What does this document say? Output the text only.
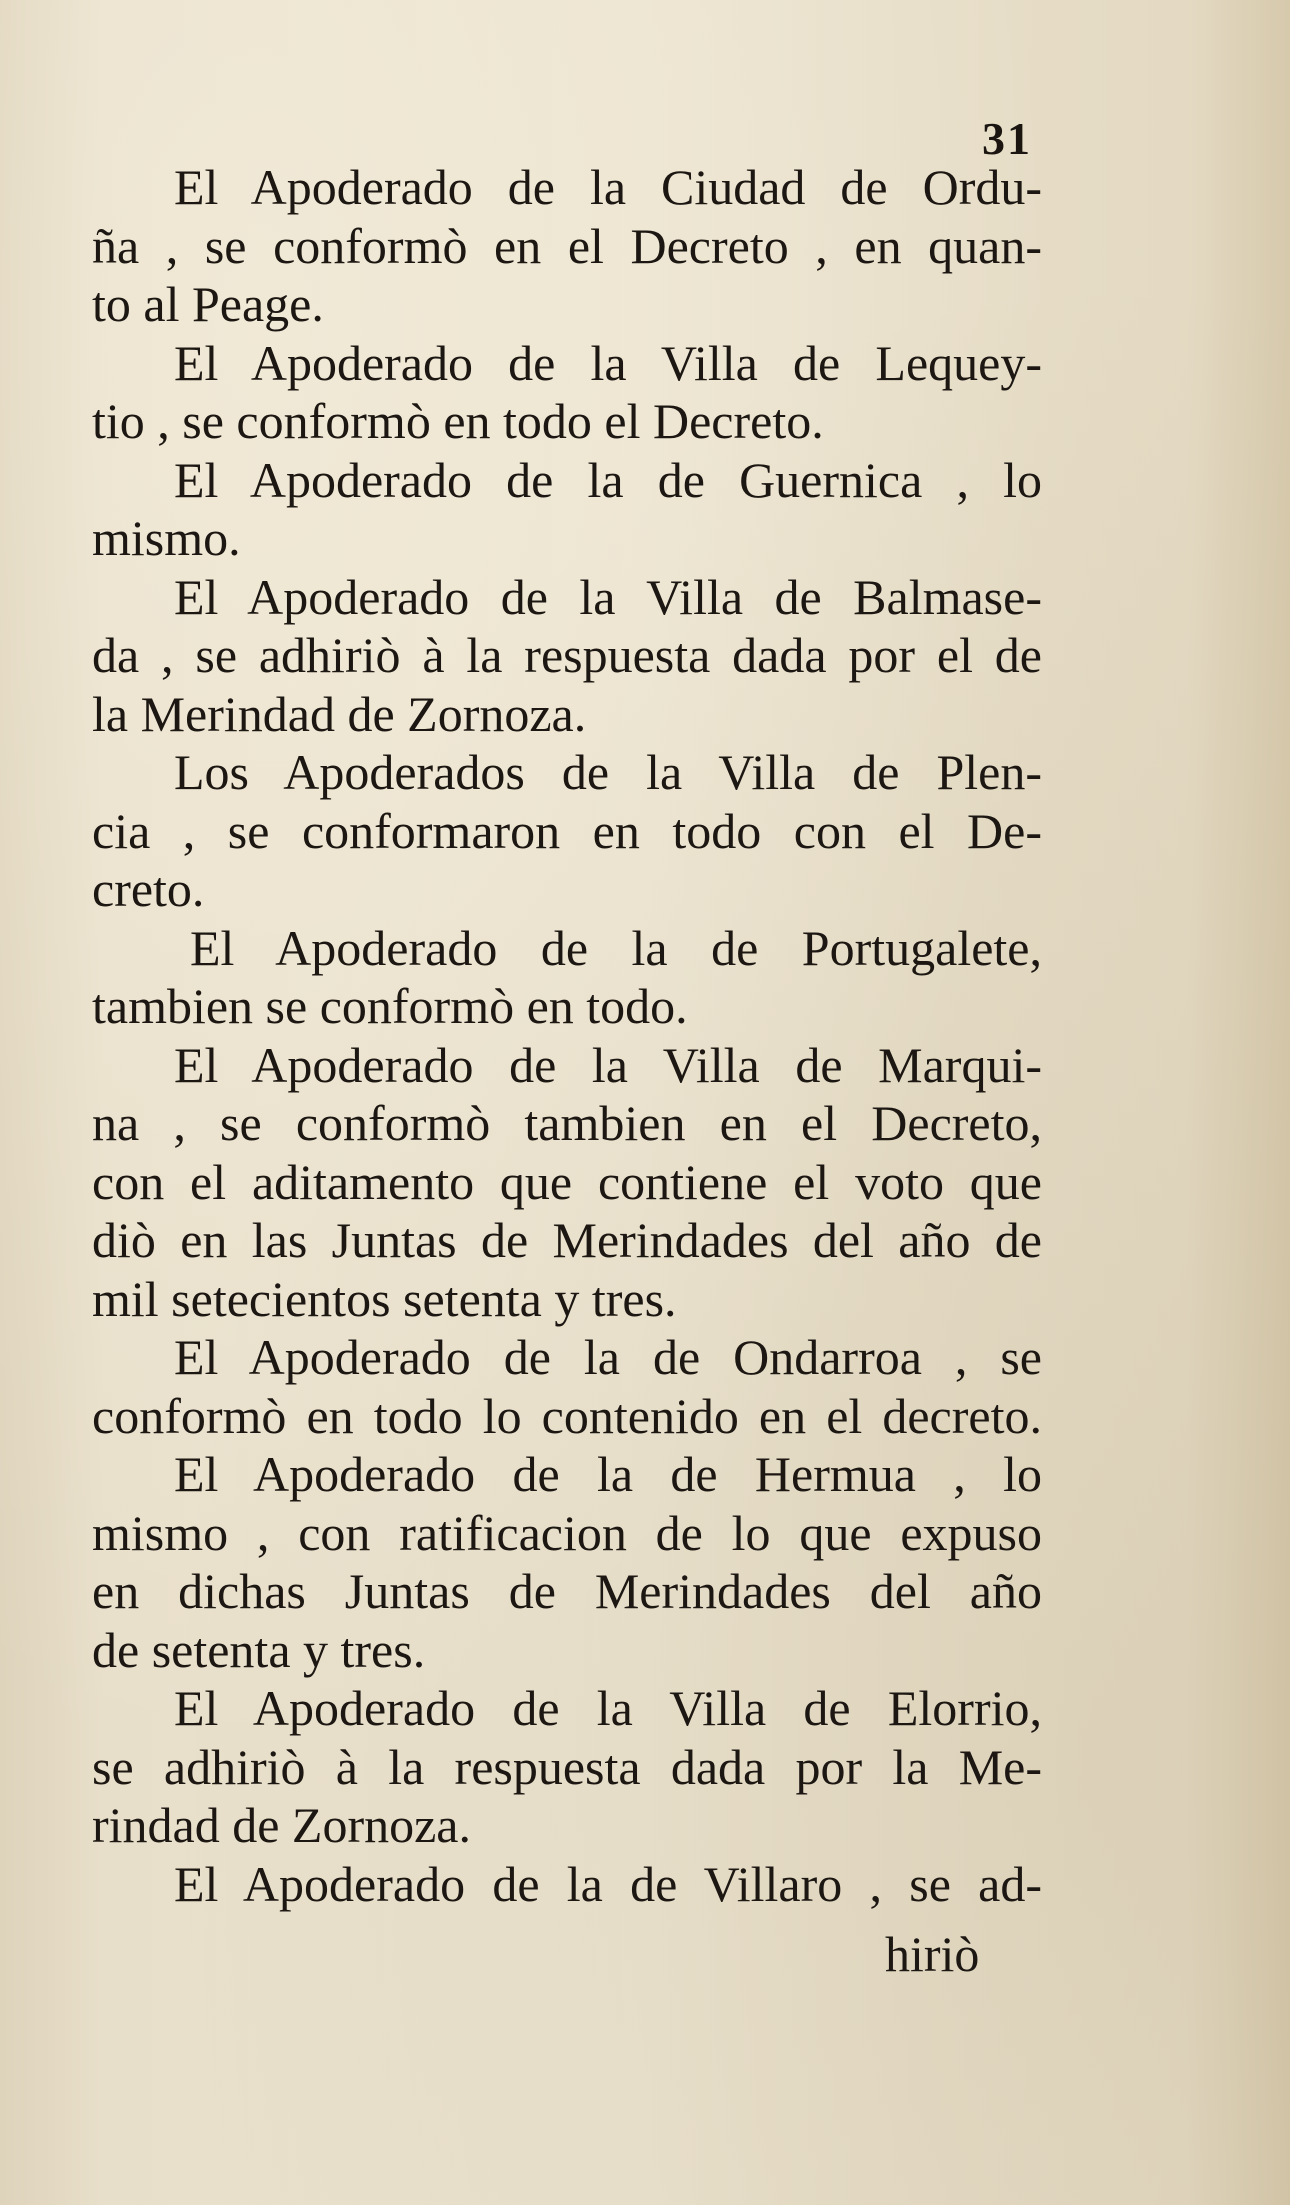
31
El Apoderado de la Ciudad de Ordu-
ña , se conformò en el Decreto , en quan-
to al Peage.
El Apoderado de la Villa de Lequey-
tio , se conformò en todo el Decreto.
El Apoderado de la de Guernica , lo
mismo.
El Apoderado de la Villa de Balmase-
da , se adhiriò à la respuesta dada por el de
la Merindad de Zornoza.
Los Apoderados de la Villa de Plen-
cia , se conformaron en todo con el De-
creto.
El Apoderado de la de Portugalete,
tambien se conformò en todo.
El Apoderado de la Villa de Marqui-
na , se conformò tambien en el Decreto,
con el aditamento que contiene el voto que
diò en las Juntas de Merindades del año de
mil setecientos setenta y tres.
El Apoderado de la de Ondarroa , se
conformò en todo lo contenido en el decreto.
El Apoderado de la de Hermua , lo
mismo , con ratificacion de lo que expuso
en dichas Juntas de Merindades del año
de setenta y tres.
El Apoderado de la Villa de Elorrio,
se adhiriò à la respuesta dada por la Me-
rindad de Zornoza.
El Apoderado de la de Villaro , se ad-
hiriò
